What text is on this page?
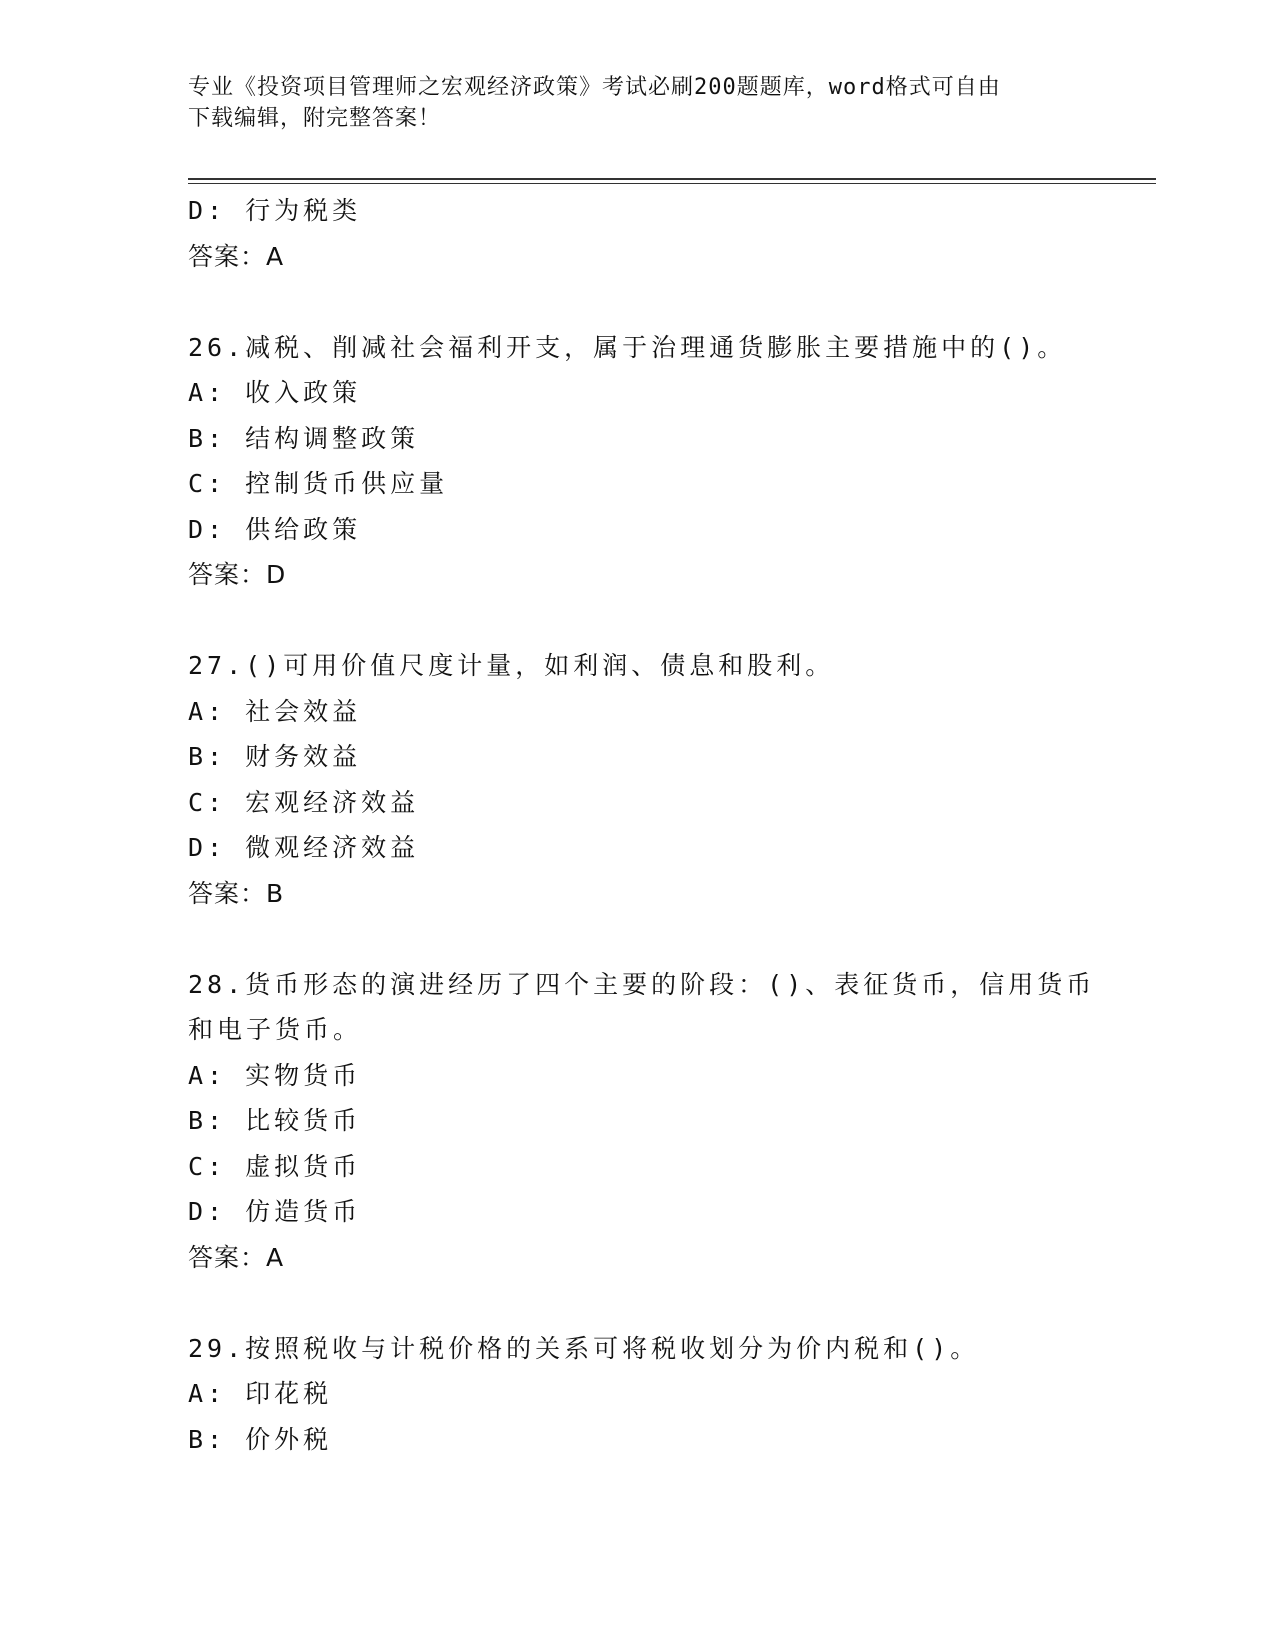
专业《投资项目管理师之宏观经济政策》考试必刷200题题库，word格式可自由
下载编辑，附完整答案！
D: 行为税类
答案：A
26.减税、削减社会福利开支，属于治理通货膨胀主要措施中的()。
A: 收入政策
B: 结构调整政策
C: 控制货币供应量
D: 供给政策
答案：D
27.()可用价值尺度计量，如利润、债息和股利。
A: 社会效益
B: 财务效益
C: 宏观经济效益
D: 微观经济效益
答案：B
28.货币形态的演进经历了四个主要的阶段：()、表征货币，信用货币
和电子货币。
A: 实物货币
B: 比较货币
C: 虚拟货币
D: 仿造货币
答案：A
29.按照税收与计税价格的关系可将税收划分为价内税和()。
A: 印花税
B: 价外税
